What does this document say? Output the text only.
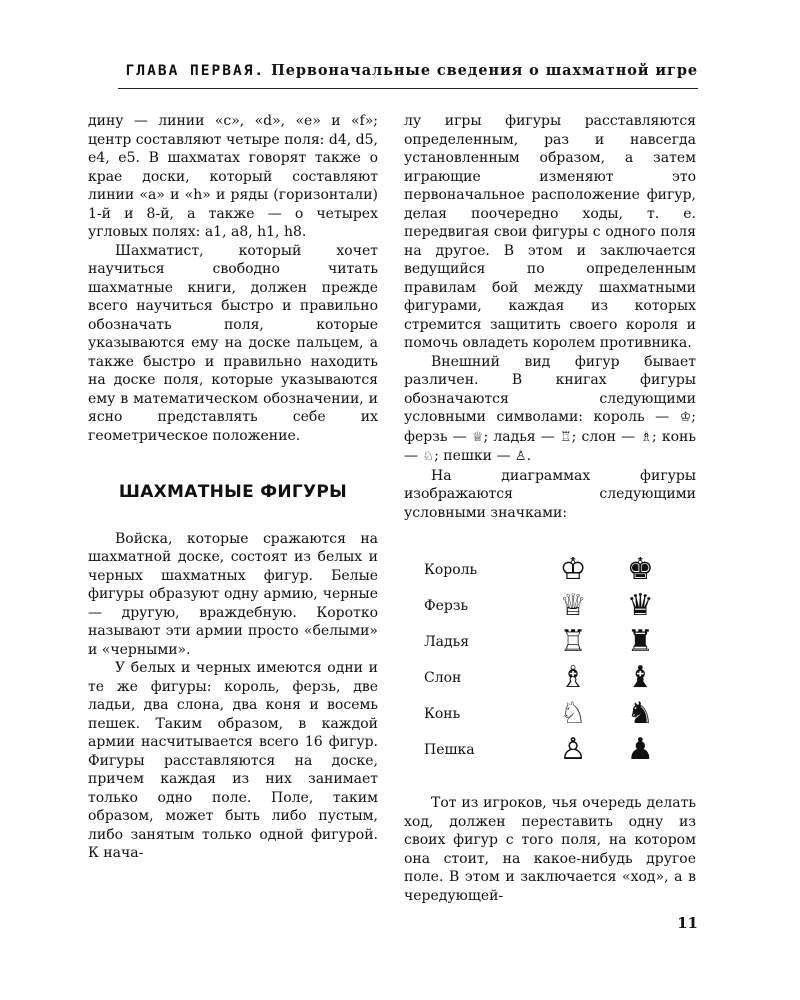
ГЛАВА ПЕРВАЯ. Первоначальные сведения о шахматной игре

дину — линии «с», «d», «е» и «f»; центр составляют четыре поля: d4, d5, e4, e5. В шахматах говорят также о крае доски, который составляют линии «а» и «h» и ряды (горизонтали) 1-й и 8-й, а также — о четырех угловых полях: a1, a8, h1, h8.

Шахматист, который хочет научиться свободно читать шахматные книги, должен прежде всего научиться быстро и правильно обозначать поля, которые указываются ему на доске пальцем, а также быстро и правильно находить на доске поля, которые указываются ему в математическом обозначении, и ясно представлять себе их геометрическое положение.

ШАХМАТНЫЕ ФИГУРЫ

Войска, которые сражаются на шахматной доске, состоят из белых и черных шахматных фигур. Белые фигуры образуют одну армию, черные — другую, враждебную. Коротко называют эти армии просто «белыми» и «черными».

У белых и черных имеются одни и те же фигуры: король, ферзь, две ладьи, два слона, два коня и восемь пешек. Таким образом, в каждой армии насчитывается всего 16 фигур. Фигуры расставляются на доске, причем каждая из них занимает только одно поле. Поле, таким образом, может быть либо пустым, либо занятым только одной фигурой. К нача-

лу игры фигуры расставляются определенным, раз и навсегда установленным образом, а затем играющие изменяют это первоначальное расположение фигур, делая поочередно ходы, т. е. передвигая свои фигуры с одного поля на другое. В этом и заключается ведущийся по определенным правилам бой между шахматными фигурами, каждая из которых стремится защитить своего короля и помочь овладеть королем противника.

Внешний вид фигур бывает различен. В книгах фигуры обозначаются следующими условными символами: король — ♔; ферзь — ♕; ладья — ♖; слон — ♗; конь — ♘; пешки — ♙.

На диаграммах фигуры изображаются следующими условными значками:

Король	♔	♚
Ферзь	♕	♛
Ладья	♖	♜
Слон	♗	♝
Конь	♘	♞
Пешка	♙	♟

Тот из игроков, чья очередь делать ход, должен переставить одну из своих фигур с того поля, на котором она стоит, на какое-нибудь другое поле. В этом и заключается «ход», а в чередующей-

11
